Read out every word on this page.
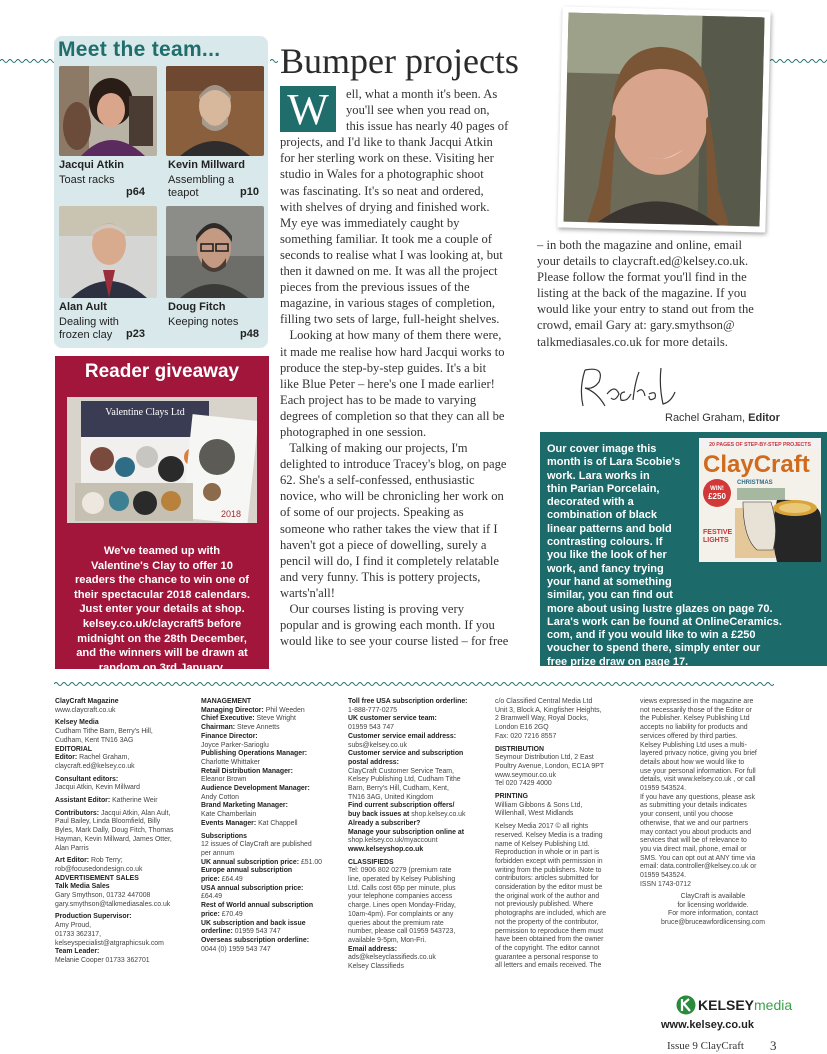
Meet the team...
Jacqui Atkin
Toast racks
p64
Kevin Millward
Assembling a
teapot	p10
Alan Ault
Dealing with
frozen clay p23
Doug Fitch
Keeping notes
p48
Reader giveaway
Valentine Clays Ltd
2018
We've teamed up with
Valentine's Clay to offer 10
readers the chance to win one of
their spectacular 2018 calendars.
Just enter your details at shop.
kelsey.co.uk/claycraft5 before
midnight on the 28th December,
and the winners will be drawn at
random on 3rd January.
Bumper projects
W	ell, what a month it's been. As
you'll see when you read on,
this issue has nearly 40 pages of
projects, and I'd like to thank Jacqui Atkin
for her sterling work on these. Visiting her
studio in Wales for a photographic shoot
was fascinating. It's so neat and ordered,
with shelves of drying and finished work.
My eye was immediately caught by
something familiar. It took me a couple of
seconds to realise what I was looking at, but
then it dawned on me. It was all the project
pieces from the previous issues of the
magazine, in various stages of completion,
filling two sets of large, full-height shelves.
Looking at how many of them there were,
it made me realise how hard Jacqui works to
produce the step-by-step guides. It's a bit
like Blue Peter – here's one I made earlier!
Each project has to be made to varying
degrees of completion so that they can all be
photographed in one session.
Talking of making our projects, I'm
delighted to introduce Tracey's blog, on page
62. She's a self-confessed, enthusiastic
novice, who will be chronicling her work on
of some of our projects. Speaking as
someone who rather takes the view that if I
haven't got a piece of dowelling, surely a
pencil will do, I find it completely relatable
and very funny. This is pottery projects,
warts'n'all!
Our courses listing is proving very
popular and is growing each month. If you
would like to see your course listed – for free
– in both the magazine and online, email
your details to claycraft.ed@kelsey.co.uk.
Please follow the format you'll find in the
listing at the back of the magazine. If you
would like your entry to stand out from the
crowd, email Gary at: gary.smythson@
talkmediasales.co.uk for more details.
Rachel Graham, Editor
20 PAGES OF STEP-BY-STEP PROJECTS
ClayCraft
WIN!
£250
CHRISTMAS
FESTIVE
LIGHTS
Our cover image this
month is of Lara Scobie's
work. Lara works in
thin Parian Porcelain,
decorated with a
combination of black
linear patterns and bold
contrasting colours. If
you like the look of her
work, and fancy trying
your hand at something
similar, you can find out
more about using lustre glazes on page 70.
Lara's work can be found at OnlineCeramics.
com, and if you would like to win a £250
voucher to spend there, simply enter our
free prize draw on page 17.
ClayCraft Magazine
www.claycraft.co.uk
Kelsey Media
Cudham Tithe Barn, Berry's Hill,
Cudham, Kent TN16 3AG
EDITORIAL
Editor: Rachel Graham,
claycraft.ed@kelsey.co.uk
Consultant editors:
Jacqui Atkin, Kevin Millward
Assistant Editor: Katherine Weir
Contributors: Jacqui Atkin, Alan Ault,
Paul Bailey, Linda Bloomfield, Billy
Byles, Mark Dally, Doug Fitch, Thomas
Hayman, Kevin Millward, James Otter,
Alan Parris
Art Editor: Rob Terry;
rob@focusedondesign.co.uk
ADVERTISEMENT SALES
Talk Media Sales
Gary Smythson, 01732 447008
gary.smythson@talkmediasales.co.uk
Production Supervisor:
Amy Proud,
01733 362317,
kelseyspecialist@atgraphicsuk.com
Team Leader:
Melanie Cooper 01733 362701
MANAGEMENT
Managing Director: Phil Weeden
Chief Executive: Steve Wright
Chairman: Steve Annetts
Finance Director:
Joyce Parker-Sarioglu
Publishing Operations Manager:
Charlotte Whittaker
Retail Distribution Manager:
Eleanor Brown
Audience Development Manager:
Andy Cotton
Brand Marketing Manager:
Kate Chamberlain
Events Manager: Kat Chappell
Subscriptions
12 issues of ClayCraft are published
per annum
UK annual subscription price: £51.00
Europe annual subscription
price: £64.49
USA annual subscription price:
£64.49
Rest of World annual subscription
price: £70.49
UK subscription and back issue
orderline: 01959 543 747
Overseas subscription orderline:
0044 (0) 1959 543 747
Toll free USA subscription orderline:
1-888-777-0275
UK customer service team:
01959 543 747
Customer service email address:
subs@kelsey.co.uk
Customer service and subscription
postal address:
ClayCraft Customer Service Team,
Kelsey Publishing Ltd, Cudham Tithe
Barn, Berry's Hill, Cudham, Kent,
TN16 3AG, United Kingdom
Find current subscription offers/
buy back issues at shop.kelsey.co.uk
Already a subscriber?
Manage your subscription online at
shop.kelsey.co.uk/myaccount
www.kelseyshop.co.uk
CLASSIFIEDS
Tel: 0906 802 0279 (premium rate
line, operated by Kelsey Publishing
Ltd. Calls cost 65p per minute, plus
your telephone companies access
charge. Lines open Monday-Friday,
10am-4pm). For complaints or any
queries about the premium rate
number, please call 01959 543723,
available 9-5pm, Mon-Fri.
Email address:
ads@kelseyclassifieds.co.uk
Kelsey Classifieds
c/o Classified Central Media Ltd
Unit 3, Block A, Kingfisher Heights,
2 Bramwell Way, Royal Docks,
London E16 2GQ
Fax: 020 7216 8557
DISTRIBUTION
Seymour Distribution Ltd, 2 East
Poultry Avenue, London, EC1A 9PT
www.seymour.co.uk
Tel 020 7429 4000
PRINTING
William Gibbons & Sons Ltd,
Willenhall, West Midlands
Kelsey Media 2017 © all rights
reserved. Kelsey Media is a trading
name of Kelsey Publishing Ltd.
Reproduction in whole or in part is
forbidden except with permission in
writing from the publishers. Note to
contributors: articles submitted for
consideration by the editor must be
the original work of the author and
not previously published. Where
photographs are included, which are
not the property of the contributor,
permission to reproduce them must
have been obtained from the owner
of the copyright. The editor cannot
guarantee a personal response to
all letters and emails received. The
views expressed in the magazine are
not necessarily those of the Editor or
the Publisher. Kelsey Publishing Ltd
accepts no liability for products and
services offered by third parties.
Kelsey Publishing Ltd uses a multi-
layered privacy notice, giving you brief
details about how we would like to
use your personal information. For full
details, visit www.kelsey.co.uk , or call
01959 543524.
If you have any questions, please ask
as submitting your details indicates
your consent, until you choose
otherwise, that we and our partners
may contact you about products and
services that will be of relevance to
you via direct mail, phone, email or
SMS. You can opt out at ANY time via
email: data.controller@kelsey.co.uk or
01959 543524.
ISSN 1743-0712
ClayCraft is available
for licensing worldwide.
For more information, contact
bruce@bruceawfordlicensing.com
KELSEY media
www.kelsey.co.uk
Issue 9 ClayCraft 3
